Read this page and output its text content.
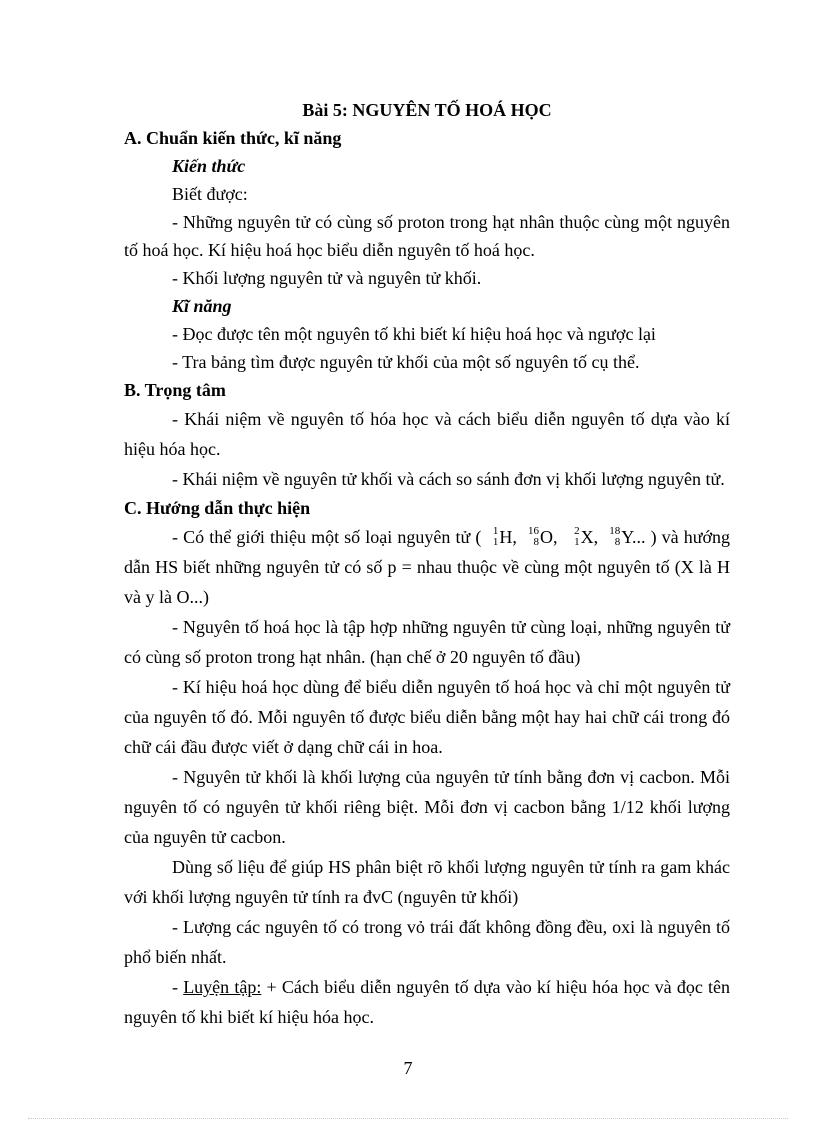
Bài 5: NGUYÊN TỐ HOÁ HỌC

A. Chuẩn kiến thức, kĩ năng

Kiến thức

Biết được:

- Những nguyên tử có cùng số proton trong hạt nhân thuộc cùng một nguyên tố hoá học. Kí hiệu hoá học biểu diễn nguyên tố hoá học.

- Khối lượng nguyên tử và nguyên tử khối.

Kĩ năng

- Đọc được tên một nguyên tố khi biết kí hiệu hoá học và ngược lại

- Tra bảng tìm được nguyên tử khối của một số nguyên tố cụ thể.

B. Trọng tâm

- Khái niệm về nguyên tố hóa học và cách biểu diễn nguyên tố dựa vào kí hiệu hóa học.

- Khái niệm về nguyên tử khối và cách so sánh đơn vị khối lượng nguyên tử.

C. Hướng dẫn thực hiện

- Có thể giới thiệu một số loại nguyên tử (	1
1 H, 16
8 O,	2
1 X, 18
8 Y... ) và hướng dẫn HS biết những nguyên tử có số p = nhau thuộc về cùng một nguyên tố (X là H và y là O...)

- Nguyên tố hoá học là tập hợp những nguyên tử cùng loại, những nguyên tử có cùng số proton trong hạt nhân. (hạn chế ở 20 nguyên tố đầu)

- Kí hiệu hoá học dùng để biểu diễn nguyên tố hoá học và chỉ một nguyên tử của nguyên tố đó. Mỗi nguyên tố được biểu diễn bằng một hay hai chữ cái trong đó chữ cái đầu được viết ở dạng chữ cái in hoa.

- Nguyên tử khối là khối lượng của nguyên tử tính bằng đơn vị cacbon. Mỗi nguyên tố có nguyên tử khối riêng biệt. Mỗi đơn vị cacbon bằng 1/12 khối lượng của nguyên tử cacbon.

Dùng số liệu để giúp HS phân biệt rõ khối lượng nguyên tử tính ra gam khác với khối lượng nguyên tử tính ra đvC (nguyên tử khối)

- Lượng các nguyên tố có trong vỏ trái đất không đồng đều, oxi là nguyên tố phổ biến nhất.

- Luyện tập: + Cách biểu diễn nguyên tố dựa vào kí hiệu hóa học và đọc tên nguyên tố khi biết kí hiệu hóa học.

7
